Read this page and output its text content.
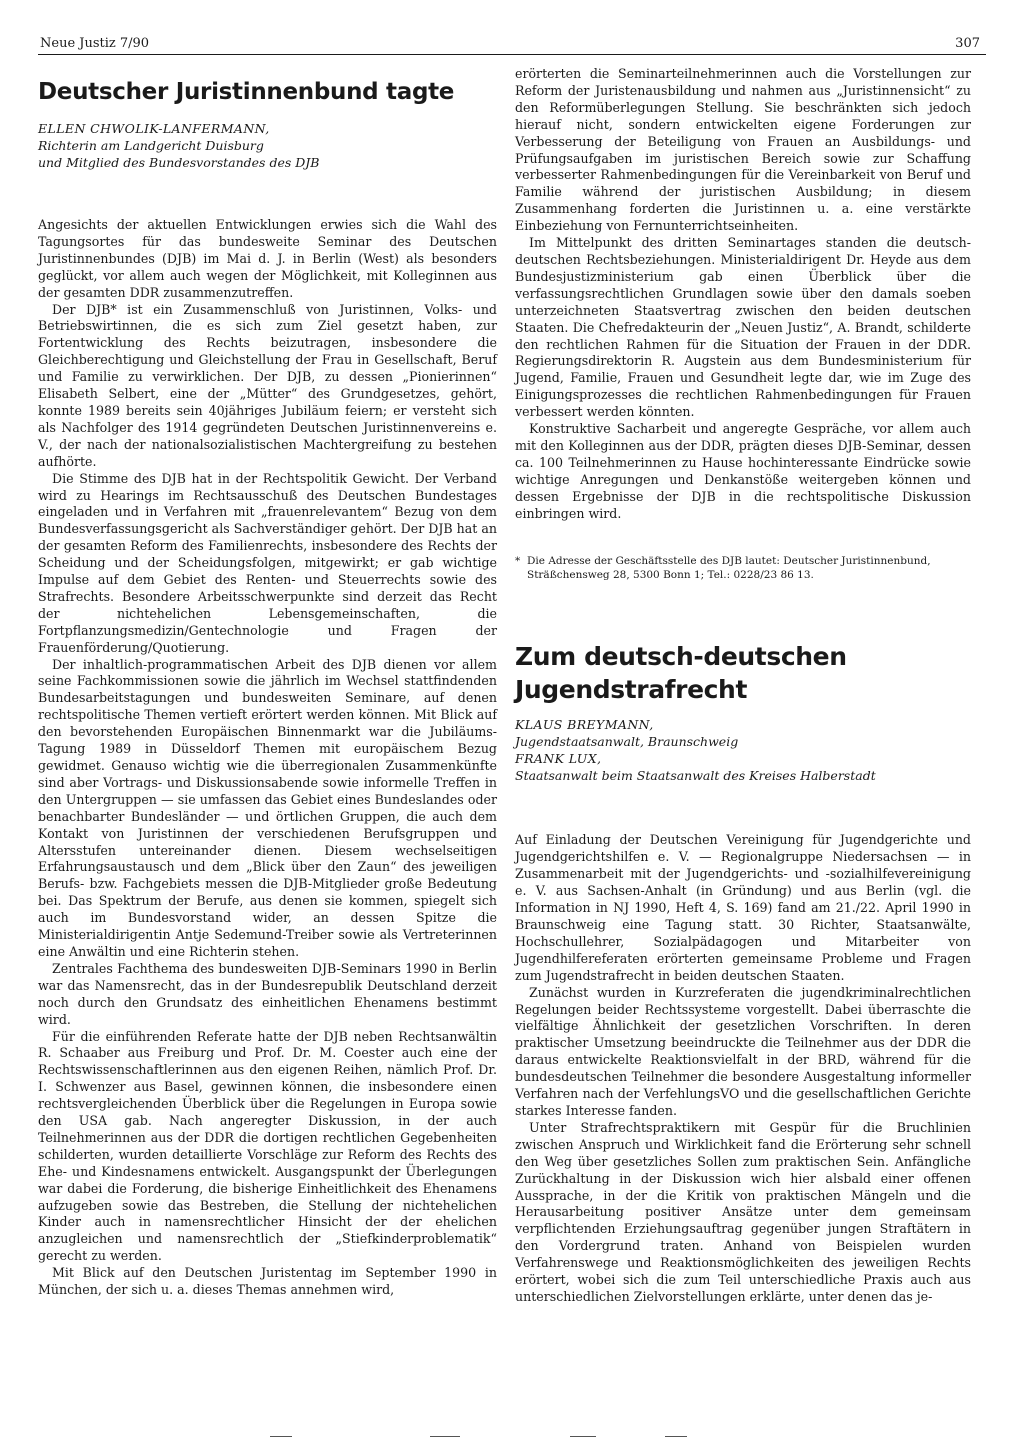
Neue Justiz 7/90	307
Deutscher Juristinnenbund tagte
ELLEN CHWOLIK-LANFERMANN,
Richterin am Landgericht Duisburg
und Mitglied des Bundesvorstandes des DJB

Angesichts der aktuellen Entwicklungen erwies sich die Wahl des Tagungsortes für das bundesweite Seminar des Deutschen Juristinnenbundes (DJB) im Mai d. J. in Berlin (West) als besonders geglückt, vor allem auch wegen der Möglichkeit, mit Kolleginnen aus der gesamten DDR zusammenzutreffen.

Der DJB* ist ein Zusammenschluß von Juristinnen, Volks- und Betriebswirtinnen, die es sich zum Ziel gesetzt haben, zur Fortentwicklung des Rechts beizutragen, insbesondere die Gleichberechtigung und Gleichstellung der Frau in Gesellschaft, Beruf und Familie zu verwirklichen. Der DJB, zu dessen „Pionierinnen“ Elisabeth Selbert, eine der „Mütter“ des Grundgesetzes, gehört, konnte 1989 bereits sein 40jähriges Jubiläum feiern; er versteht sich als Nachfolger des 1914 gegründeten Deutschen Juristinnenvereins e. V., der nach der nationalsozialistischen Machtergreifung zu bestehen aufhörte.

Die Stimme des DJB hat in der Rechtspolitik Gewicht. Der Verband wird zu Hearings im Rechtsausschuß des Deutschen Bundestages eingeladen und in Verfahren mit „frauenrelevantem“ Bezug von dem Bundesverfassungsgericht als Sachverständiger gehört. Der DJB hat an der gesamten Reform des Familienrechts, insbesondere des Rechts der Scheidung und der Scheidungsfolgen, mitgewirkt; er gab wichtige Impulse auf dem Gebiet des Renten- und Steuerrechts sowie des Strafrechts. Besondere Arbeitsschwerpunkte sind derzeit das Recht der nichtehelichen Lebensgemeinschaften, die Fortpflanzungsmedizin/Gentechnologie und Fragen der Frauenförderung/Quotierung.

Der inhaltlich-programmatischen Arbeit des DJB dienen vor allem seine Fachkommissionen sowie die jährlich im Wechsel stattfindenden Bundesarbeitstagungen und bundesweiten Seminare, auf denen rechtspolitische Themen vertieft erörtert werden können. Mit Blick auf den bevorstehenden Europäischen Binnenmarkt war die Jubiläums-Tagung 1989 in Düsseldorf Themen mit europäischem Bezug gewidmet. Genauso wichtig wie die überregionalen Zusammenkünfte sind aber Vortrags- und Diskussionsabende sowie informelle Treffen in den Untergruppen — sie umfassen das Gebiet eines Bundeslandes oder benachbarter Bundesländer — und örtlichen Gruppen, die auch dem Kontakt von Juristinnen der verschiedenen Berufsgruppen und Altersstufen untereinander dienen. Diesem wechselseitigen Erfahrungsaustausch und dem „Blick über den Zaun“ des jeweiligen Berufs- bzw. Fachgebiets messen die DJB-Mitglieder große Bedeutung bei. Das Spektrum der Berufe, aus denen sie kommen, spiegelt sich auch im Bundesvorstand wider, an dessen Spitze die Ministerialdirigentin Antje Sedemund-Treiber sowie als Vertreterinnen eine Anwältin und eine Richterin stehen.

Zentrales Fachthema des bundesweiten DJB-Seminars 1990 in Berlin war das Namensrecht, das in der Bundesrepublik Deutschland derzeit noch durch den Grundsatz des einheitlichen Ehenamens bestimmt wird.

Für die einführenden Referate hatte der DJB neben Rechtsanwältin R. Schaaber aus Freiburg und Prof. Dr. M. Coester auch eine der Rechtswissenschaftlerinnen aus den eigenen Reihen, nämlich Prof. Dr. I. Schwenzer aus Basel, gewinnen können, die insbesondere einen rechtsvergleichenden Überblick über die Regelungen in Europa sowie den USA gab. Nach angeregter Diskussion, in der auch Teilnehmerinnen aus der DDR die dortigen rechtlichen Gegebenheiten schilderten, wurden detaillierte Vorschläge zur Reform des Rechts des Ehe- und Kindesnamens entwickelt. Ausgangspunkt der Überlegungen war dabei die Forderung, die bisherige Einheitlichkeit des Ehenamens aufzugeben sowie das Bestreben, die Stellung der nichtehelichen Kinder auch in namensrechtlicher Hinsicht der der ehelichen anzugleichen und namensrechtlich der „Stiefkinderproblematik“ gerecht zu werden.

Mit Blick auf den Deutschen Juristentag im September 1990 in München, der sich u. a. dieses Themas annehmen wird,

erörterten die Seminarteilnehmerinnen auch die Vorstellungen zur Reform der Juristenausbildung und nahmen aus „Juristinnensicht“ zu den Reformüberlegungen Stellung. Sie beschränkten sich jedoch hierauf nicht, sondern entwickelten eigene Forderungen zur Verbesserung der Beteiligung von Frauen an Ausbildungs- und Prüfungsaufgaben im juristischen Bereich sowie zur Schaffung verbesserter Rahmenbedingungen für die Vereinbarkeit von Beruf und Familie während der juristischen Ausbildung; in diesem Zusammenhang forderten die Juristinnen u. a. eine verstärkte Einbeziehung von Fernunterrichtseinheiten.

Im Mittelpunkt des dritten Seminartages standen die deutsch-deutschen Rechtsbeziehungen. Ministerialdirigent Dr. Heyde aus dem Bundesjustizministerium gab einen Überblick über die verfassungsrechtlichen Grundlagen sowie über den damals soeben unterzeichneten Staatsvertrag zwischen den beiden deutschen Staaten. Die Chefredakteurin der „Neuen Justiz“, A. Brandt, schilderte den rechtlichen Rahmen für die Situation der Frauen in der DDR. Regierungsdirektorin R. Augstein aus dem Bundesministerium für Jugend, Familie, Frauen und Gesundheit legte dar, wie im Zuge des Einigungsprozesses die rechtlichen Rahmenbedingungen für Frauen verbessert werden könnten.

Konstruktive Sacharbeit und angeregte Gespräche, vor allem auch mit den Kolleginnen aus der DDR, prägten dieses DJB-Seminar, dessen ca. 100 Teilnehmerinnen zu Hause hochinteressante Eindrücke sowie wichtige Anregungen und Denkanstöße weitergeben können und dessen Ergebnisse der DJB in die rechtspolitische Diskussion einbringen wird.

* Die Adresse der Geschäftsstelle des DJB lautet: Deutscher Juristinnenbund, Sträßchensweg 28, 5300 Bonn 1; Tel.: 0228/23 86 13.
Zum deutsch-deutschen Jugendstrafrecht
KLAUS BREYMANN,
Jugendstaatsanwalt, Braunschweig
FRANK LUX,
Staatsanwalt beim Staatsanwalt des Kreises Halberstadt

Auf Einladung der Deutschen Vereinigung für Jugendgerichte und Jugendgerichtshilfen e. V. — Regionalgruppe Niedersachsen — in Zusammenarbeit mit der Jugendgerichts- und -sozialhilfevereinigung e. V. aus Sachsen-Anhalt (in Gründung) und aus Berlin (vgl. die Information in NJ 1990, Heft 4, S. 169) fand am 21./22. April 1990 in Braunschweig eine Tagung statt. 30 Richter, Staatsanwälte, Hochschullehrer, Sozialpädagogen und Mitarbeiter von Jugendhilfereferaten erörterten gemeinsame Probleme und Fragen zum Jugendstrafrecht in beiden deutschen Staaten.

Zunächst wurden in Kurzreferaten die jugendkriminalrechtlichen Regelungen beider Rechtssysteme vorgestellt. Dabei überraschte die vielfältige Ähnlichkeit der gesetzlichen Vorschriften. In deren praktischer Umsetzung beeindruckte die Teilnehmer aus der DDR die daraus entwickelte Reaktionsvielfalt in der BRD, während für die bundesdeutschen Teilnehmer die besondere Ausgestaltung informeller Verfahren nach der VerfehlungsVO und die gesellschaftlichen Gerichte starkes Interesse fanden.

Unter Strafrechtspraktikern mit Gespür für die Bruchlinien zwischen Anspruch und Wirklichkeit fand die Erörterung sehr schnell den Weg über gesetzliches Sollen zum praktischen Sein. Anfängliche Zurückhaltung in der Diskussion wich hier alsbald einer offenen Aussprache, in der die Kritik von praktischen Mängeln und die Herausarbeitung positiver Ansätze unter dem gemeinsam verpflichtenden Erziehungsauftrag gegenüber jungen Straftätern in den Vordergrund traten. Anhand von Beispielen wurden Verfahrenswege und Reaktionsmöglichkeiten des jeweiligen Rechts erörtert, wobei sich die zum Teil unterschiedliche Praxis auch aus unterschiedlichen Zielvorstellungen erklärte, unter denen das je-
